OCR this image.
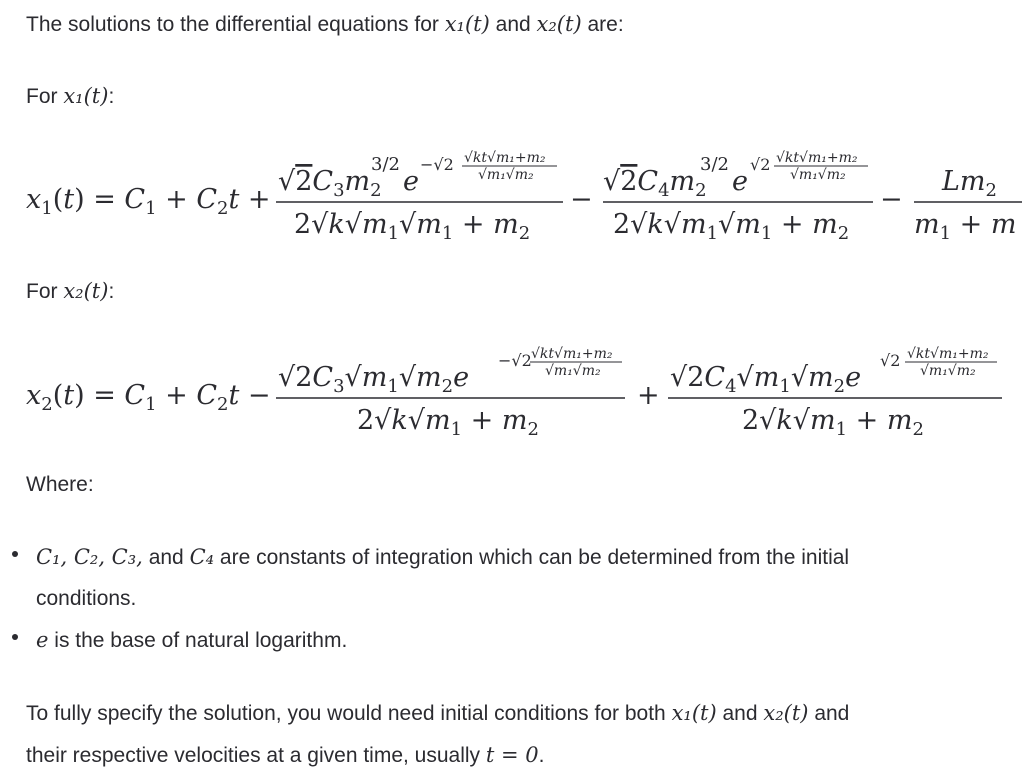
The solutions to the differential equations for x₁(t) and x₂(t) are:
For x₁(t):
$x_1(t) = C_1 + C_2t$ +
$√2C_3m_2$
3/2
e
−√2 √kt√m₁+m₂
√m₁√m₂
$2√k√m_1√m_1 + m_2$
−
$√2C_4m_2$
3/2
e
√2 √kt√m₁+m₂
√m₁√m₂
$2√k√m_1√m_1 + m_2$
−
$Lm_2$
$m_1 + m$
For x₂(t):
$x_2(t) = C_1 + C_2t$ −
$√2C_3√m_1√m_2e$
−√2 √kt√m₁+m₂
√m₁√m₂
$2√k√m_1 + m_2$
+
$√2C_4√m_1√m_2e$
√2 √kt√m₁+m₂
√m₁√m₂
$2√k√m_1 + m_2$
Where:
C₁, C₂, C₃, and C₄ are constants of integration which can be determined from the initial
conditions.
e is the base of natural logarithm.
To fully specify the solution, you would need initial conditions for both x₁(t) and x₂(t) and
their respective velocities at a given time, usually t = 0.
